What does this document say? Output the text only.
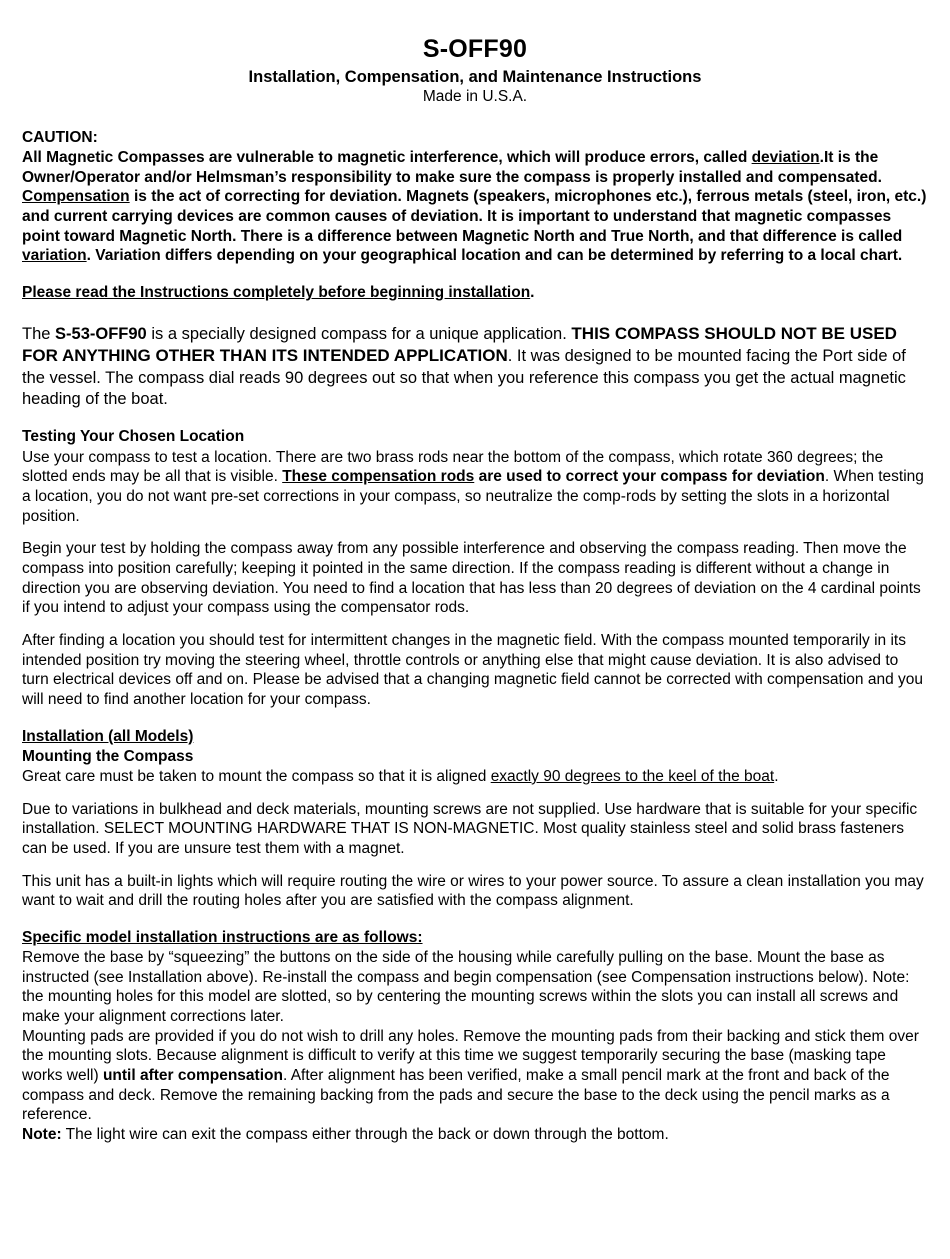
S-OFF90
Installation, Compensation, and Maintenance Instructions
Made in U.S.A.
CAUTION:
All Magnetic Compasses are vulnerable to magnetic interference, which will produce errors, called deviation.It is the Owner/Operator and/or Helmsman’s responsibility to make sure the compass is properly installed and compensated. Compensation is the act of correcting for deviation. Magnets (speakers, microphones etc.), ferrous metals (steel, iron, etc.) and current carrying devices are common causes of deviation. It is important to understand that magnetic compasses point toward Magnetic North. There is a difference between Magnetic North and True North, and that difference is called variation. Variation differs depending on your geographical location and can be determined by referring to a local chart.
Please read the Instructions completely before beginning installation.

The S-53-OFF90 is a specially designed compass for a unique application. THIS COMPASS SHOULD NOT BE USED FOR ANYTHING OTHER THAN ITS INTENDED APPLICATION. It was designed to be mounted facing the Port side of the vessel. The compass dial reads 90 degrees out so that when you reference this compass you get the actual magnetic heading of the boat.

Testing Your Chosen Location

Use your compass to test a location. There are two brass rods near the bottom of the compass, which rotate 360 degrees; the slotted ends may be all that is visible. These compensation rods are used to correct your compass for deviation. When testing a location, you do not want pre-set corrections in your compass, so neutralize the comp-rods by setting the slots in a horizontal position.

Begin your test by holding the compass away from any possible interference and observing the compass reading. Then move the compass into position carefully; keeping it pointed in the same direction. If the compass reading is different without a change in direction you are observing deviation. You need to find a location that has less than 20 degrees of deviation on the 4 cardinal points if you intend to adjust your compass using the compensator rods.

After finding a location you should test for intermittent changes in the magnetic field. With the compass mounted temporarily in its intended position try moving the steering wheel, throttle controls or anything else that might cause deviation. It is also advised to turn electrical devices off and on. Please be advised that a changing magnetic field cannot be corrected with compensation and you will need to find another location for your compass.

Installation (all Models)
Mounting the Compass

Great care must be taken to mount the compass so that it is aligned exactly 90 degrees to the keel of the boat.

Due to variations in bulkhead and deck materials, mounting screws are not supplied. Use hardware that is suitable for your specific installation. SELECT MOUNTING HARDWARE THAT IS NON-MAGNETIC. Most quality stainless steel and solid brass fasteners can be used. If you are unsure test them with a magnet.

This unit has a built-in lights which will require routing the wire or wires to your power source. To assure a clean installation you may want to wait and drill the routing holes after you are satisfied with the compass alignment.

Specific model installation instructions are as follows:

Remove the base by “squeezing” the buttons on the side of the housing while carefully pulling on the base. Mount the base as instructed (see Installation above). Re-install the compass and begin compensation (see Compensation instructions below). Note: the mounting holes for this model are slotted, so by centering the mounting screws within the slots you can install all screws and make your alignment corrections later.

Mounting pads are provided if you do not wish to drill any holes. Remove the mounting pads from their backing and stick them over the mounting slots. Because alignment is difficult to verify at this time we suggest temporarily securing the base (masking tape works well) until after compensation. After alignment has been verified, make a small pencil mark at the front and back of the compass and deck. Remove the remaining backing from the pads and secure the base to the deck using the pencil marks as a reference.

Note: The light wire can exit the compass either through the back or down through the bottom.
